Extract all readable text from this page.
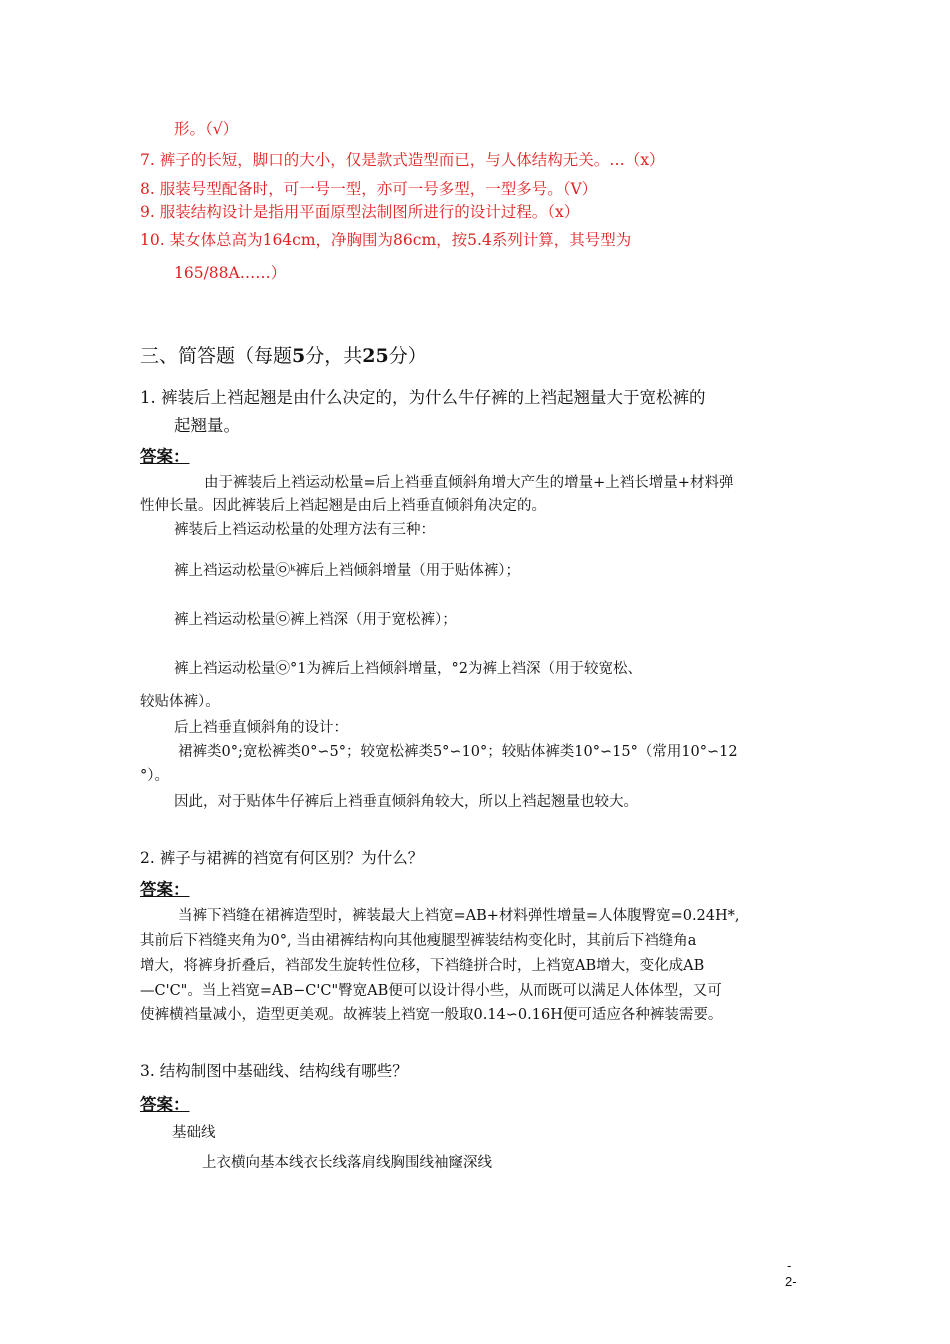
形。（√）
7. 裤子的长短，脚口的大小，仅是款式造型而已，与人体结构无关。…（x）
8. 服装号型配备时，可一号一型，亦可一号多型，一型多号。（V）
9. 服装结构设计是指用平面原型法制图所进行的设计过程。（x）
10. 某女体总高为164cm，净胸围为86cm，按5.4系列计算，其号型为
165/88A……）
三、简答题（每题5分，共25分）
1. 裤装后上裆起翘是由什么决定的，为什么牛仔裤的上裆起翘量大于宽松裤的
起翘量。
答案：
由于裤装后上裆运动松量=后上裆垂直倾斜角增大产生的增量+上裆长增量+材料弹
性伸长量。因此裤装后上裆起翘是由后上裆垂直倾斜角决定的。
裤装后上裆运动松量的处理方法有三种：
裤上裆运动松量㉧ᵏ裤后上裆倾斜增量（用于贴体裤）；
裤上裆运动松量㉧裤上裆深（用于宽松裤）；
裤上裆运动松量㉧°1为裤后上裆倾斜增量，°2为裤上裆深（用于较宽松、
较贴体裤）。
后上裆垂直倾斜角的设计：
裙裤类0°;宽松裤类0°∽5°；较宽松裤类5°∽10°；较贴体裤类10°∽15°（常用10°∽12
°）。
因此，对于贴体牛仔裤后上裆垂直倾斜角较大，所以上裆起翘量也较大。
2. 裤子与裙裤的裆宽有何区别？为什么？
答案：
当裤下裆缝在裙裤造型时，裤装最大上裆宽=AB+材料弹性增量=人体腹臀宽=0.24H*,
其前后下裆缝夹角为0°, 当由裙裤结构向其他瘦腿型裤装结构变化时，其前后下裆缝角a
增大，将裤身折叠后，裆部发生旋转性位移，下裆缝拼合时，上裆宽AB增大，变化成AB
—C'C"。当上裆宽=AB−C'C"臀宽AB便可以设计得小些，从而既可以满足人体体型，又可
使裤横裆量减小，造型更美观。故裤装上裆宽一般取0.14∽0.16H便可适应各种裤装需要。
3. 结构制图中基础线、结构线有哪些？
答案：
基础线
上衣横向基本线衣长线落肩线胸围线袖窿深线
-
2-
